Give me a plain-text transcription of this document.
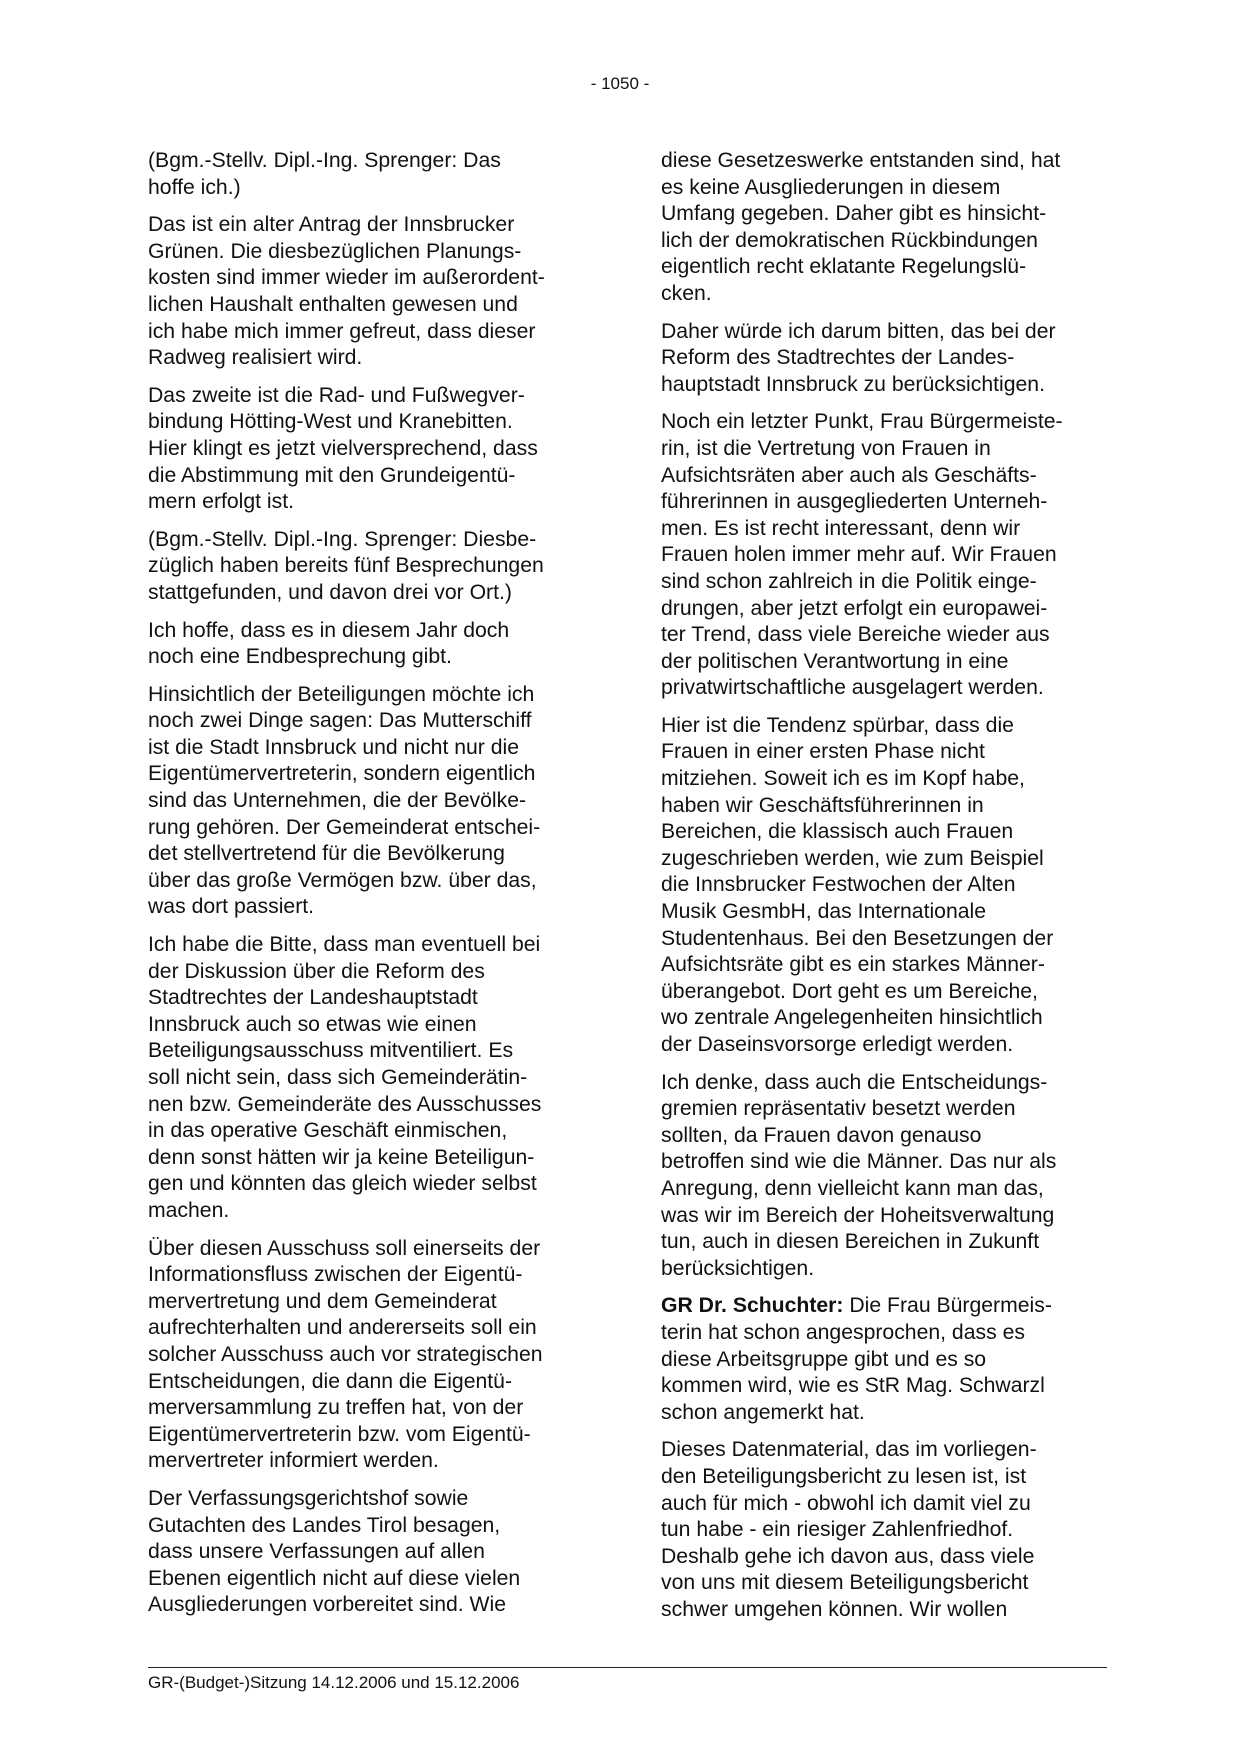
- 1050 -

(Bgm.-Stellv. Dipl.-Ing. Sprenger: Das
hoffe ich.)

Das ist ein alter Antrag der Innsbrucker
Grünen. Die diesbezüglichen Planungs-
kosten sind immer wieder im außerordent-
lichen Haushalt enthalten gewesen und
ich habe mich immer gefreut, dass dieser
Radweg realisiert wird.

Das zweite ist die Rad- und Fußwegver-
bindung Hötting-West und Kranebitten.
Hier klingt es jetzt vielversprechend, dass
die Abstimmung mit den Grundeigentü-
mern erfolgt ist.

(Bgm.-Stellv. Dipl.-Ing. Sprenger: Diesbe-
züglich haben bereits fünf Besprechungen
stattgefunden, und davon drei vor Ort.)

Ich hoffe, dass es in diesem Jahr doch
noch eine Endbesprechung gibt.

Hinsichtlich der Beteiligungen möchte ich
noch zwei Dinge sagen: Das Mutterschiff
ist die Stadt Innsbruck und nicht nur die
Eigentümervertreterin, sondern eigentlich
sind das Unternehmen, die der Bevölke-
rung gehören. Der Gemeinderat entschei-
det stellvertretend für die Bevölkerung
über das große Vermögen bzw. über das,
was dort passiert.

Ich habe die Bitte, dass man eventuell bei
der Diskussion über die Reform des
Stadtrechtes der Landeshauptstadt
Innsbruck auch so etwas wie einen
Beteiligungsausschuss mitventiliert. Es
soll nicht sein, dass sich Gemeinderätin-
nen bzw. Gemeinderäte des Ausschusses
in das operative Geschäft einmischen,
denn sonst hätten wir ja keine Beteiligun-
gen und könnten das gleich wieder selbst
machen.

Über diesen Ausschuss soll einerseits der
Informationsfluss zwischen der Eigentü-
mervertretung und dem Gemeinderat
aufrechterhalten und andererseits soll ein
solcher Ausschuss auch vor strategischen
Entscheidungen, die dann die Eigentü-
merversammlung zu treffen hat, von der
Eigentümervertreterin bzw. vom Eigentü-
mervertreter informiert werden.

Der Verfassungsgerichtshof sowie
Gutachten des Landes Tirol besagen,
dass unsere Verfassungen auf allen
Ebenen eigentlich nicht auf diese vielen
Ausgliederungen vorbereitet sind. Wie

diese Gesetzeswerke entstanden sind, hat
es keine Ausgliederungen in diesem
Umfang gegeben. Daher gibt es hinsicht-
lich der demokratischen Rückbindungen
eigentlich recht eklatante Regelungslü-
cken.

Daher würde ich darum bitten, das bei der
Reform des Stadtrechtes der Landes-
hauptstadt Innsbruck zu berücksichtigen.

Noch ein letzter Punkt, Frau Bürgermeiste-
rin, ist die Vertretung von Frauen in
Aufsichtsräten aber auch als Geschäfts-
führerinnen in ausgegliederten Unterneh-
men. Es ist recht interessant, denn wir
Frauen holen immer mehr auf. Wir Frauen
sind schon zahlreich in die Politik einge-
drungen, aber jetzt erfolgt ein europawei-
ter Trend, dass viele Bereiche wieder aus
der politischen Verantwortung in eine
privatwirtschaftliche ausgelagert werden.

Hier ist die Tendenz spürbar, dass die
Frauen in einer ersten Phase nicht
mitziehen. Soweit ich es im Kopf habe,
haben wir Geschäftsführerinnen in
Bereichen, die klassisch auch Frauen
zugeschrieben werden, wie zum Beispiel
die Innsbrucker Festwochen der Alten
Musik GesmbH, das Internationale
Studentenhaus. Bei den Besetzungen der
Aufsichtsräte gibt es ein starkes Männer-
überangebot. Dort geht es um Bereiche,
wo zentrale Angelegenheiten hinsichtlich
der Daseinsvorsorge erledigt werden.

Ich denke, dass auch die Entscheidungs-
gremien repräsentativ besetzt werden
sollten, da Frauen davon genauso
betroffen sind wie die Männer. Das nur als
Anregung, denn vielleicht kann man das,
was wir im Bereich der Hoheitsverwaltung
tun, auch in diesen Bereichen in Zukunft
berücksichtigen.

GR Dr. Schuchter: Die Frau Bürgermeis-
terin hat schon angesprochen, dass es
diese Arbeitsgruppe gibt und es so
kommen wird, wie es StR Mag. Schwarzl
schon angemerkt hat.

Dieses Datenmaterial, das im vorliegen-
den Beteiligungsbericht zu lesen ist, ist
auch für mich - obwohl ich damit viel zu
tun habe - ein riesiger Zahlenfriedhof.
Deshalb gehe ich davon aus, dass viele
von uns mit diesem Beteiligungsbericht
schwer umgehen können. Wir wollen

GR-(Budget-)Sitzung 14.12.2006 und 15.12.2006
